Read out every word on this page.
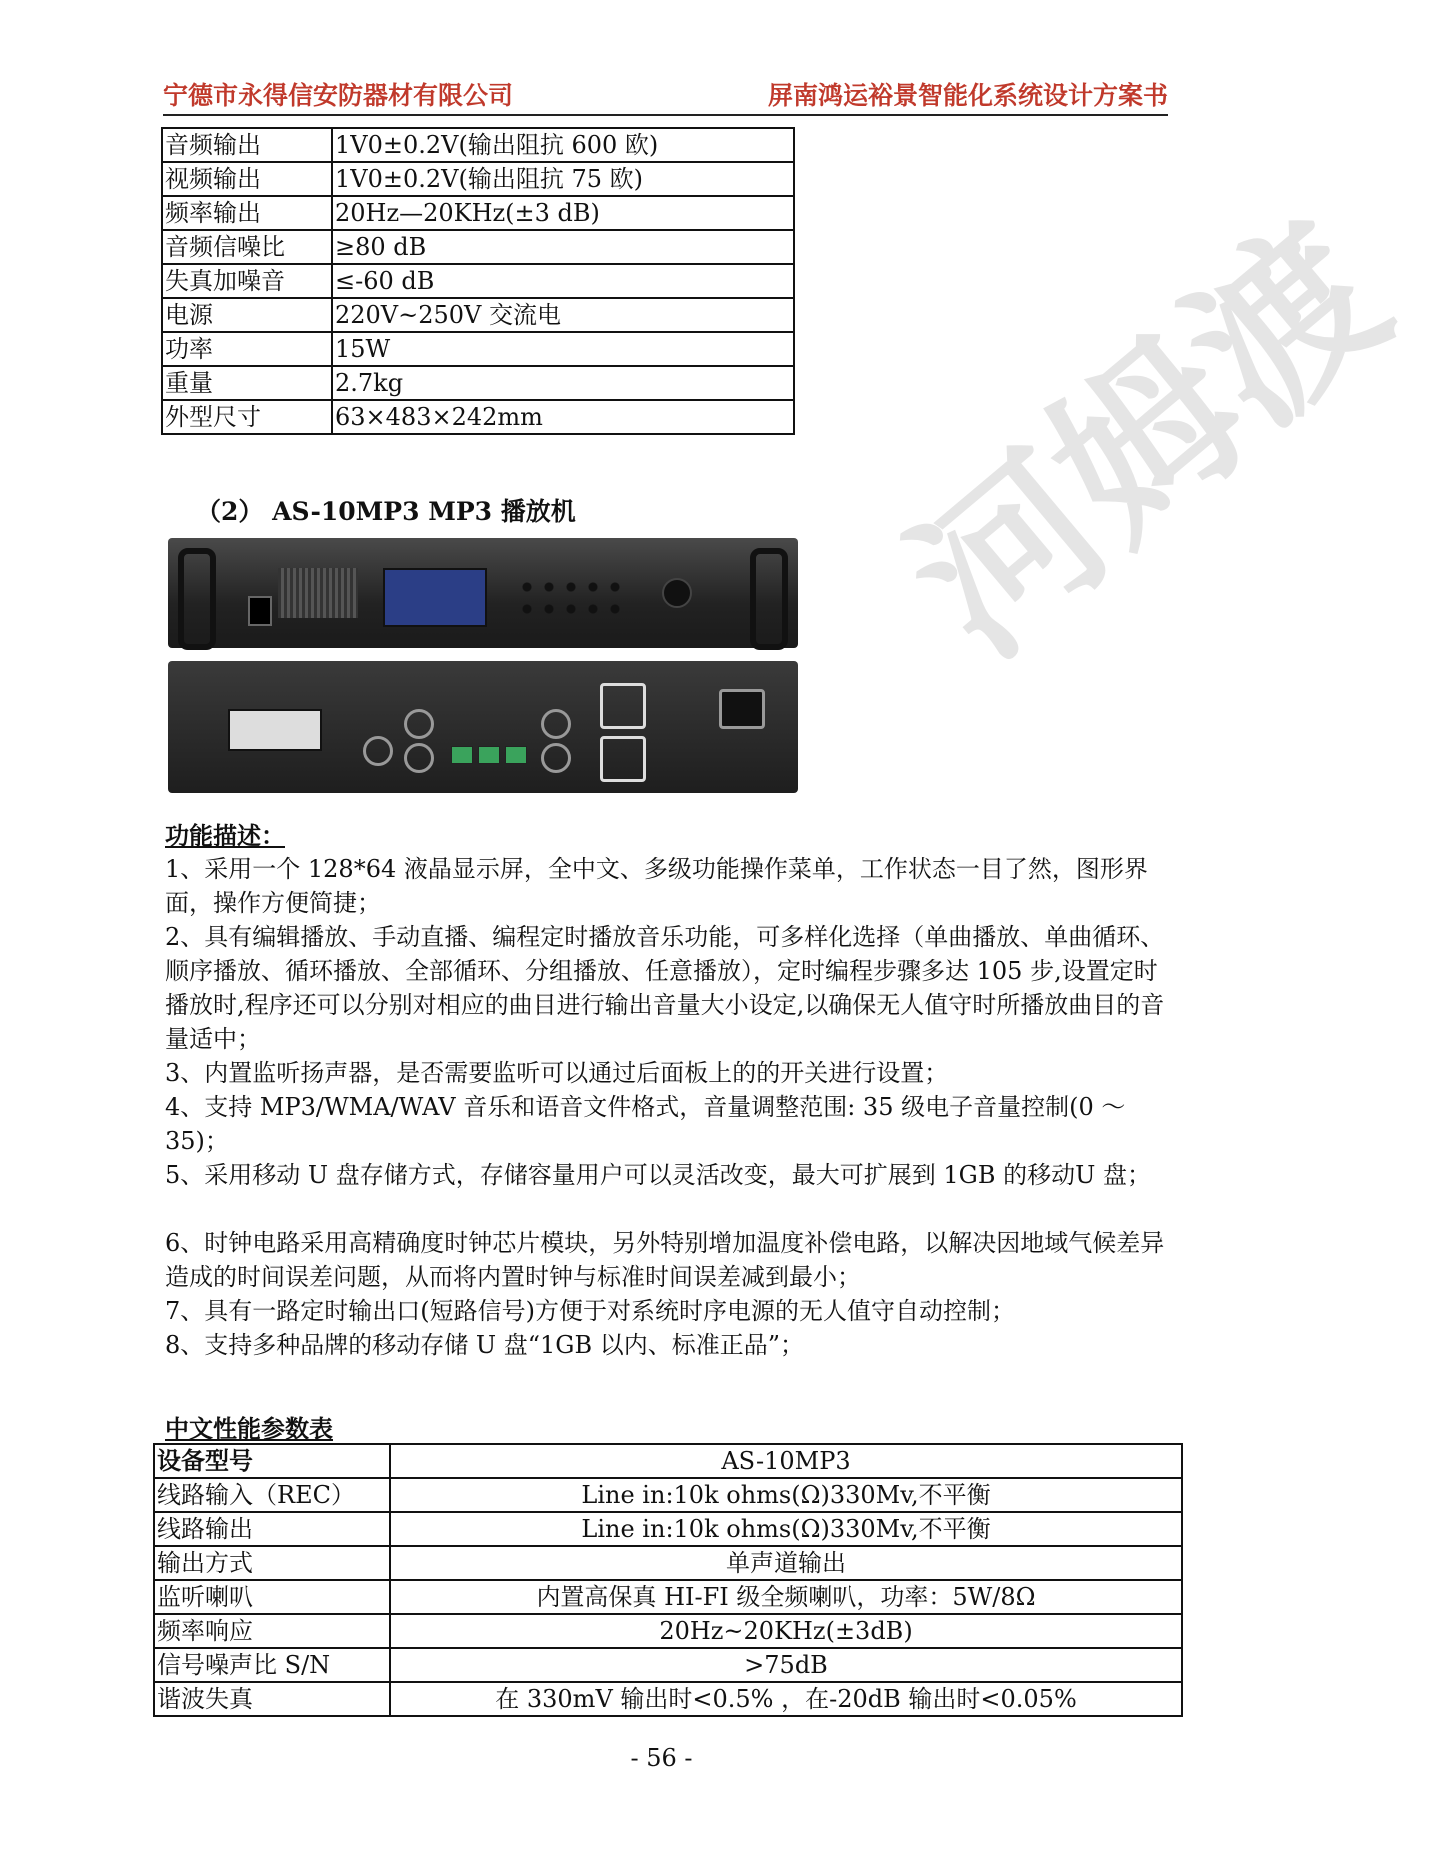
河姆渡
宁德市永得信安防器材有限公司	屏南鸿运裕景智能化系统设计方案书
音频输出	1V0±0.2V(输出阻抗 600 欧)
视频输出	1V0±0.2V(输出阻抗 75 欧)
频率输出	20Hz—20KHz(±3 dB)
音频信噪比	≥80 dB
失真加噪音	≤-60 dB
电源	220V~250V 交流电
功率	15W
重量	2.7kg
外型尺寸	63×483×242mm
（2） AS-10MP3 MP3 播放机
功能描述：

1、采用一个 128*64 液晶显示屏，全中文、多级功能操作菜单，工作状态一目了然，图形界面，操作方便简捷；

2、具有编辑播放、手动直播、编程定时播放音乐功能，可多样化选择（单曲播放、单曲循环、顺序播放、循环播放、全部循环、分组播放、任意播放），定时编程步骤多达 105 步,设置定时播放时,程序还可以分别对相应的曲目进行输出音量大小设定,以确保无人值守时所播放曲目的音量适中；

3、内置监听扬声器，是否需要监听可以通过后面板上的的开关进行设置；

4、支持 MP3/WMA/WAV 音乐和语音文件格式，音量调整范围: 35 级电子音量控制(0 ～35)；

5、采用移动 U 盘存储方式，存储容量用户可以灵活改变，最大可扩展到 1GB 的移动U 盘；

6、时钟电路采用高精确度时钟芯片模块，另外特别增加温度补偿电路，以解决因地域气候差异造成的时间误差问题，从而将内置时钟与标准时间误差减到最小；

7、具有一路定时输出口(短路信号)方便于对系统时序电源的无人值守自动控制；

8、支持多种品牌的移动存储 U 盘“1GB 以内、标准正品”；

中文性能参数表
设备型号	AS-10MP3
线路输入（REC）	Line in:10k ohms(Ω)330Mv,不平衡
线路输出	Line in:10k ohms(Ω)330Mv,不平衡
输出方式	单声道输出
监听喇叭	内置高保真 HI-FI 级全频喇叭，功率：5W/8Ω
频率响应	20Hz~20KHz(±3dB)
信号噪声比 S/N	>75dB
谐波失真	在 330mV 输出时<0.5% ，在-20dB 输出时<0.05%
- 56 -
